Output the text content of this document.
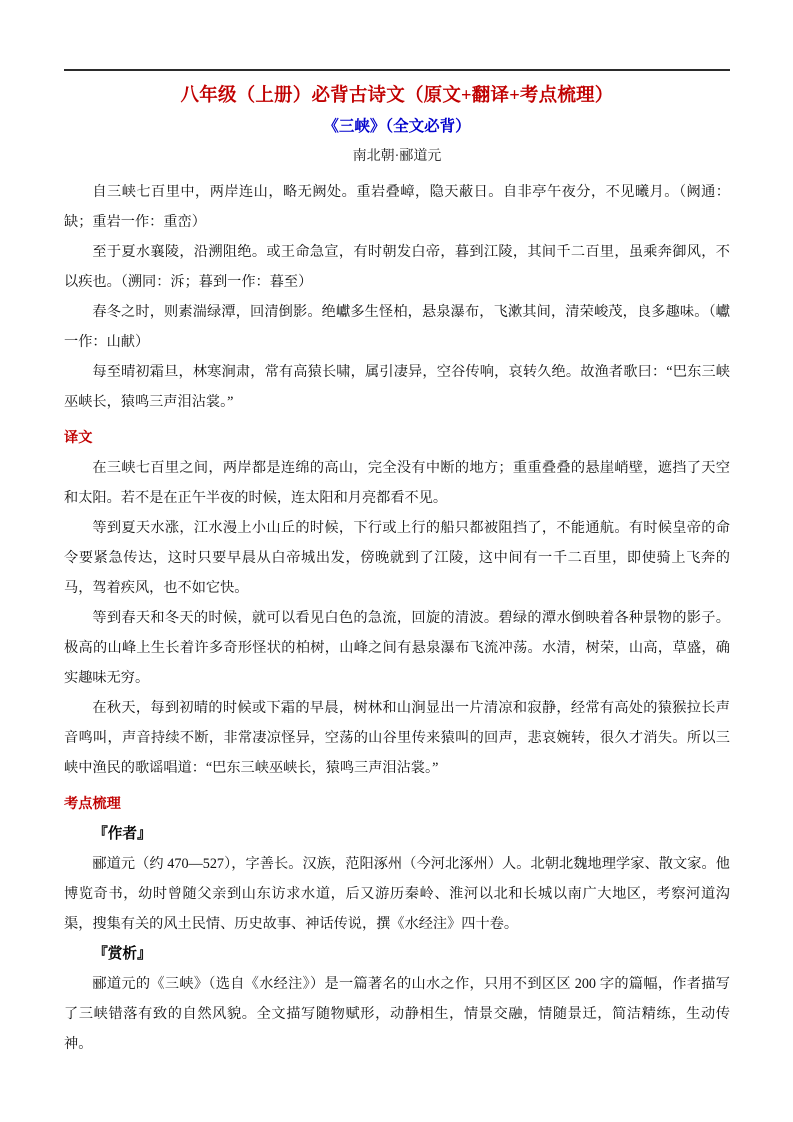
八年级（上册）必背古诗文（原文+翻译+考点梳理）
《三峡》（全文必背）
南北朝·郦道元

自三峡七百里中，两岸连山，略无阙处。重岩叠嶂，隐天蔽日。自非亭午夜分，不见曦月。（阙通：缺；重岩一作：重峦）

至于夏水襄陵，沿溯阻绝。或王命急宣，有时朝发白帝，暮到江陵，其间千二百里，虽乘奔御风，不以疾也。（溯同：泝；暮到一作：暮至）

春冬之时，则素湍绿潭，回清倒影。绝巘多生怪柏，悬泉瀑布，飞漱其间，清荣峻茂，良多趣味。（巘一作：山献）

每至晴初霜旦，林寒涧肃，常有高猿长啸，属引凄异，空谷传响，哀转久绝。故渔者歌曰：“巴东三峡巫峡长，猿鸣三声泪沾裳。”

译文

在三峡七百里之间，两岸都是连绵的高山，完全没有中断的地方；重重叠叠的悬崖峭壁，遮挡了天空和太阳。若不是在正午半夜的时候，连太阳和月亮都看不见。

等到夏天水涨，江水漫上小山丘的时候，下行或上行的船只都被阻挡了，不能通航。有时候皇帝的命令要紧急传达，这时只要早晨从白帝城出发，傍晚就到了江陵，这中间有一千二百里，即使骑上飞奔的马，驾着疾风，也不如它快。

等到春天和冬天的时候，就可以看见白色的急流，回旋的清波。碧绿的潭水倒映着各种景物的影子。极高的山峰上生长着许多奇形怪状的柏树，山峰之间有悬泉瀑布飞流冲荡。水清，树荣，山高，草盛，确实趣味无穷。

在秋天，每到初晴的时候或下霜的早晨，树林和山涧显出一片清凉和寂静，经常有高处的猿猴拉长声音鸣叫，声音持续不断，非常凄凉怪异，空荡的山谷里传来猿叫的回声，悲哀婉转，很久才消失。所以三峡中渔民的歌谣唱道：“巴东三峡巫峡长，猿鸣三声泪沾裳。”

考点梳理

『作者』

郦道元（约 470—527），字善长。汉族，范阳涿州（今河北涿州）人。北朝北魏地理学家、散文家。他博览奇书，幼时曾随父亲到山东访求水道，后又游历秦岭、淮河以北和长城以南广大地区，考察河道沟渠，搜集有关的风土民情、历史故事、神话传说，撰《水经注》四十卷。

『赏析』

郦道元的《三峡》（选自《水经注》）是一篇著名的山水之作，只用不到区区 200 字的篇幅，作者描写了三峡错落有致的自然风貌。全文描写随物赋形，动静相生，情景交融，情随景迁，简洁精练，生动传神。
